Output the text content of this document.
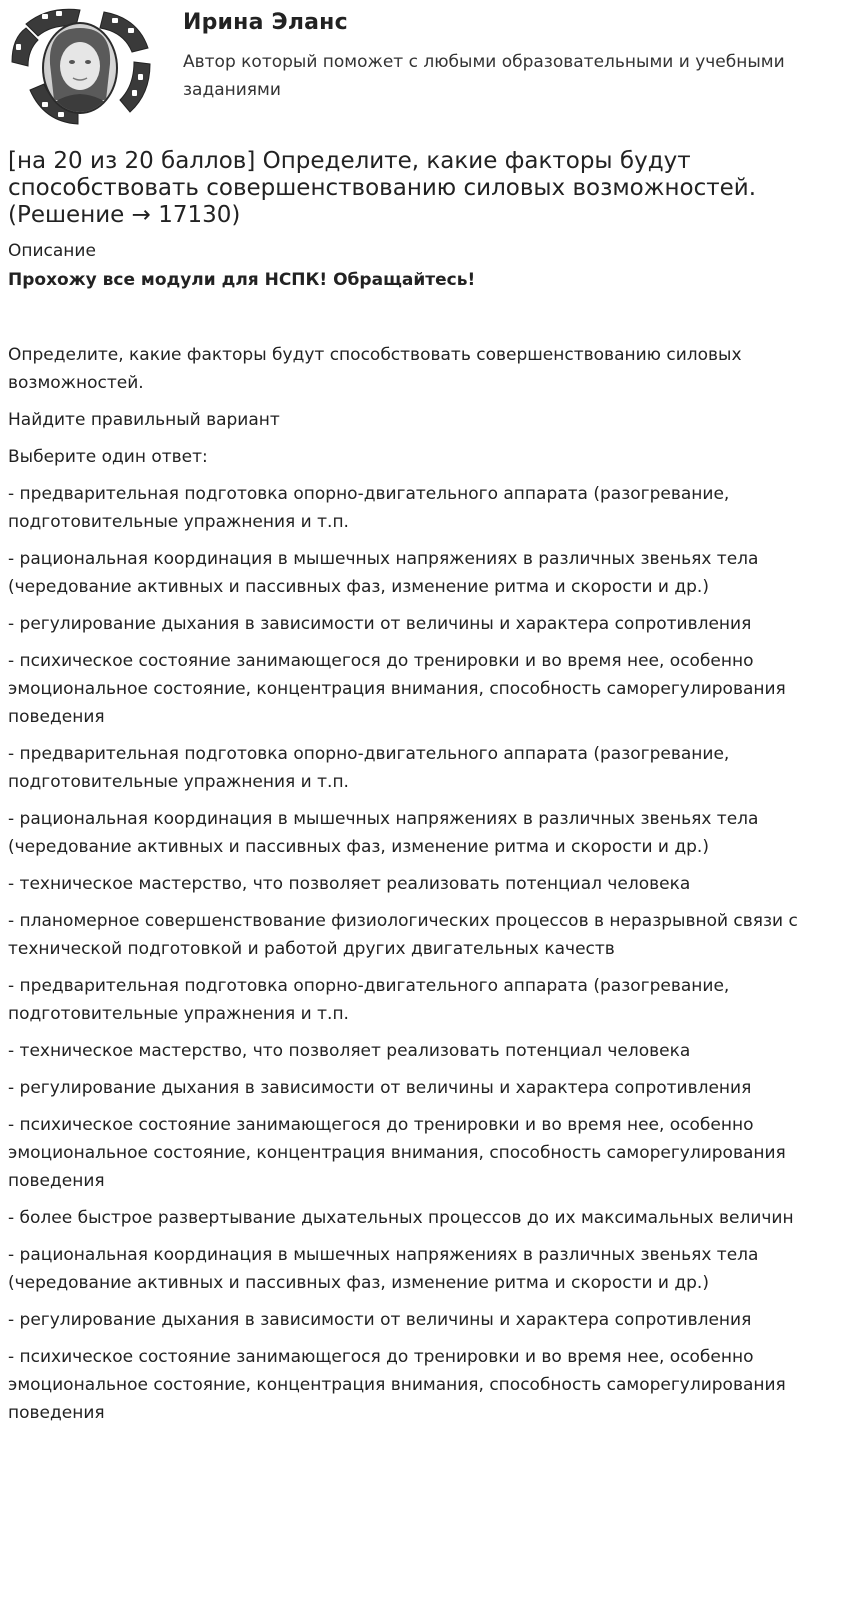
Ирина Эланс
Автор который поможет с любыми образовательными и учебными заданиями
[на 20 из 20 баллов] Определите, какие факторы будут способствовать совершенствованию силовых возможностей. (Решение → 17130)
Описание
Прохожу все модули для НСПК! Обращайтесь!

Определите, какие факторы будут способствовать совершенствованию силовых возможностей.

Найдите правильный вариант

Выберите один ответ:

- предварительная подготовка опорно-двигательного аппарата (разогревание, подготовительные упражнения и т.п.

- рациональная координация в мышечных напряжениях в различных звеньях тела (чередование активных и пассивных фаз, изменение ритма и скорости и др.)

- регулирование дыхания в зависимости от величины и характера сопротивления

- психическое состояние занимающегося до тренировки и во время нее, особенно эмоциональное состояние, концентрация внимания, способность саморегулирования поведения

- предварительная подготовка опорно-двигательного аппарата (разогревание, подготовительные упражнения и т.п.

- рациональная координация в мышечных напряжениях в различных звеньях тела (чередование активных и пассивных фаз, изменение ритма и скорости и др.)

- техническое мастерство, что позволяет реализовать потенциал человека

- планомерное совершенствование физиологических процессов в неразрывной связи с технической подготовкой и работой других двигательных качеств

- предварительная подготовка опорно-двигательного аппарата (разогревание, подготовительные упражнения и т.п.

- техническое мастерство, что позволяет реализовать потенциал человека

- регулирование дыхания в зависимости от величины и характера сопротивления

- психическое состояние занимающегося до тренировки и во время нее, особенно эмоциональное состояние, концентрация внимания, способность саморегулирования поведения

- более быстрое развертывание дыхательных процессов до их максимальных величин

- рациональная координация в мышечных напряжениях в различных звеньях тела (чередование активных и пассивных фаз, изменение ритма и скорости и др.)

- регулирование дыхания в зависимости от величины и характера сопротивления

- психическое состояние занимающегося до тренировки и во время нее, особенно эмоциональное состояние, концентрация внимания, способность саморегулирования поведения
